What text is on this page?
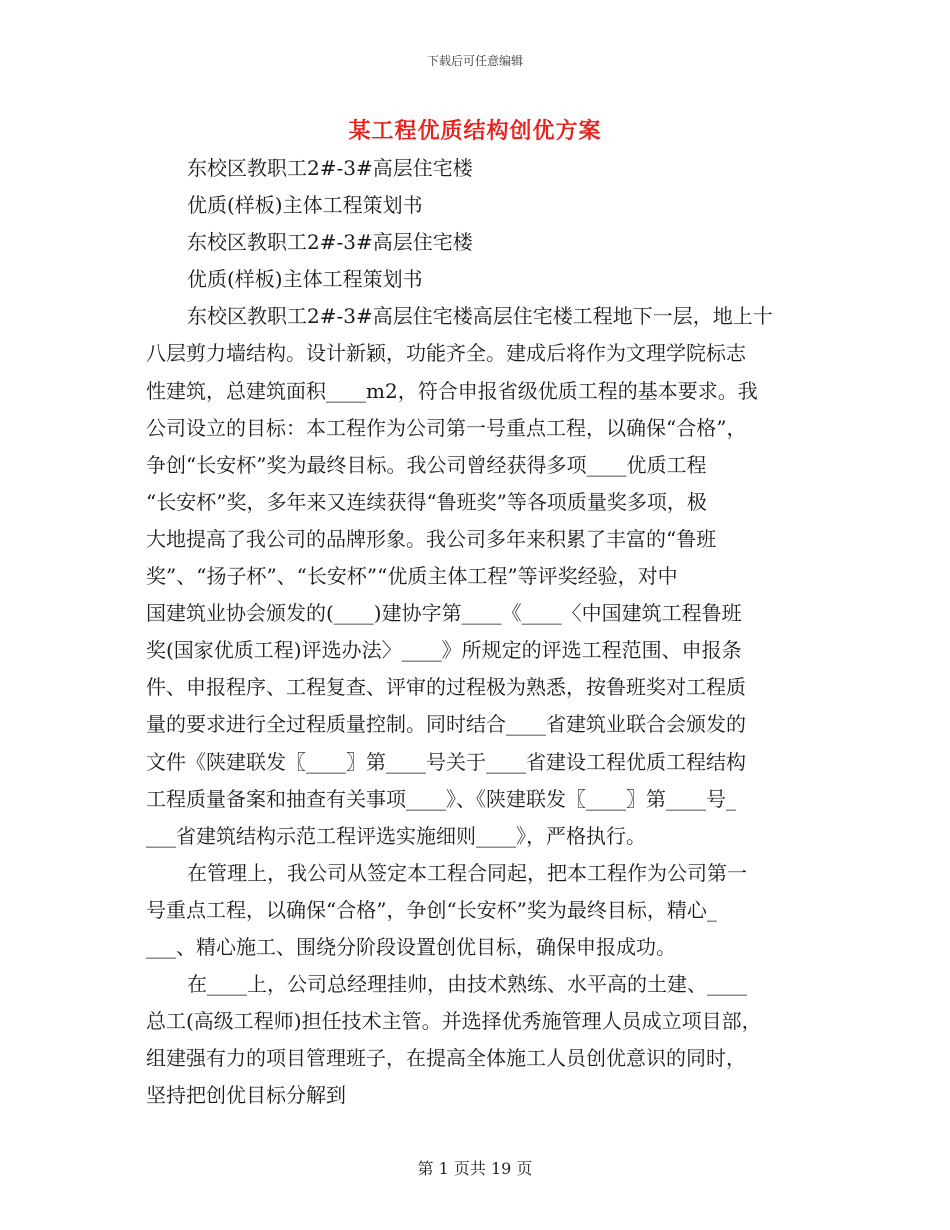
下载后可任意编辑
某工程优质结构创优方案
东校区教职工2#-3#高层住宅楼
优质(样板)主体工程策划书
东校区教职工2#-3#高层住宅楼
优质(样板)主体工程策划书
东校区教职工2#-3#高层住宅楼高层住宅楼工程地下一层，地上十
八层剪力墙结构。设计新颖，功能齐全。建成后将作为文理学院标志
性建筑，总建筑面积____m2，符合申报省级优质工程的基本要求。我
公司设立的目标：本工程作为公司第一号重点工程，以确保“合格”，
争创“长安杯”奖为最终目标。我公司曾经获得多项____优质工程
“长安杯”奖，多年来又连续获得“鲁班奖”等各项质量奖多项，极
大地提高了我公司的品牌形象。我公司多年来积累了丰富的“鲁班
奖”、“扬子杯”、“长安杯”“优质主体工程”等评奖经验，对中
国建筑业协会颁发的(____)建协字第____《____〈中国建筑工程鲁班
奖(国家优质工程)评选办法〉____》所规定的评选工程范围、申报条
件、申报程序、工程复查、评审的过程极为熟悉，按鲁班奖对工程质
量的要求进行全过程质量控制。同时结合____省建筑业联合会颁发的
文件《陕建联发〖____〗第____号关于____省建设工程优质工程结构
工程质量备案和抽查有关事项____》、《陕建联发〖____〗第____号_
___省建筑结构示范工程评选实施细则____》，严格执行。
在管理上，我公司从签定本工程合同起，把本工程作为公司第一
号重点工程，以确保“合格”，争创“长安杯”奖为最终目标，精心_
___、精心施工、围绕分阶段设置创优目标，确保申报成功。
在____上，公司总经理挂帅，由技术熟练、水平高的土建、____
总工(高级工程师)担任技术主管。并选择优秀施管理人员成立项目部，
组建强有力的项目管理班子，在提高全体施工人员创优意识的同时，
坚持把创优目标分解到
第 1 页共 19 页
